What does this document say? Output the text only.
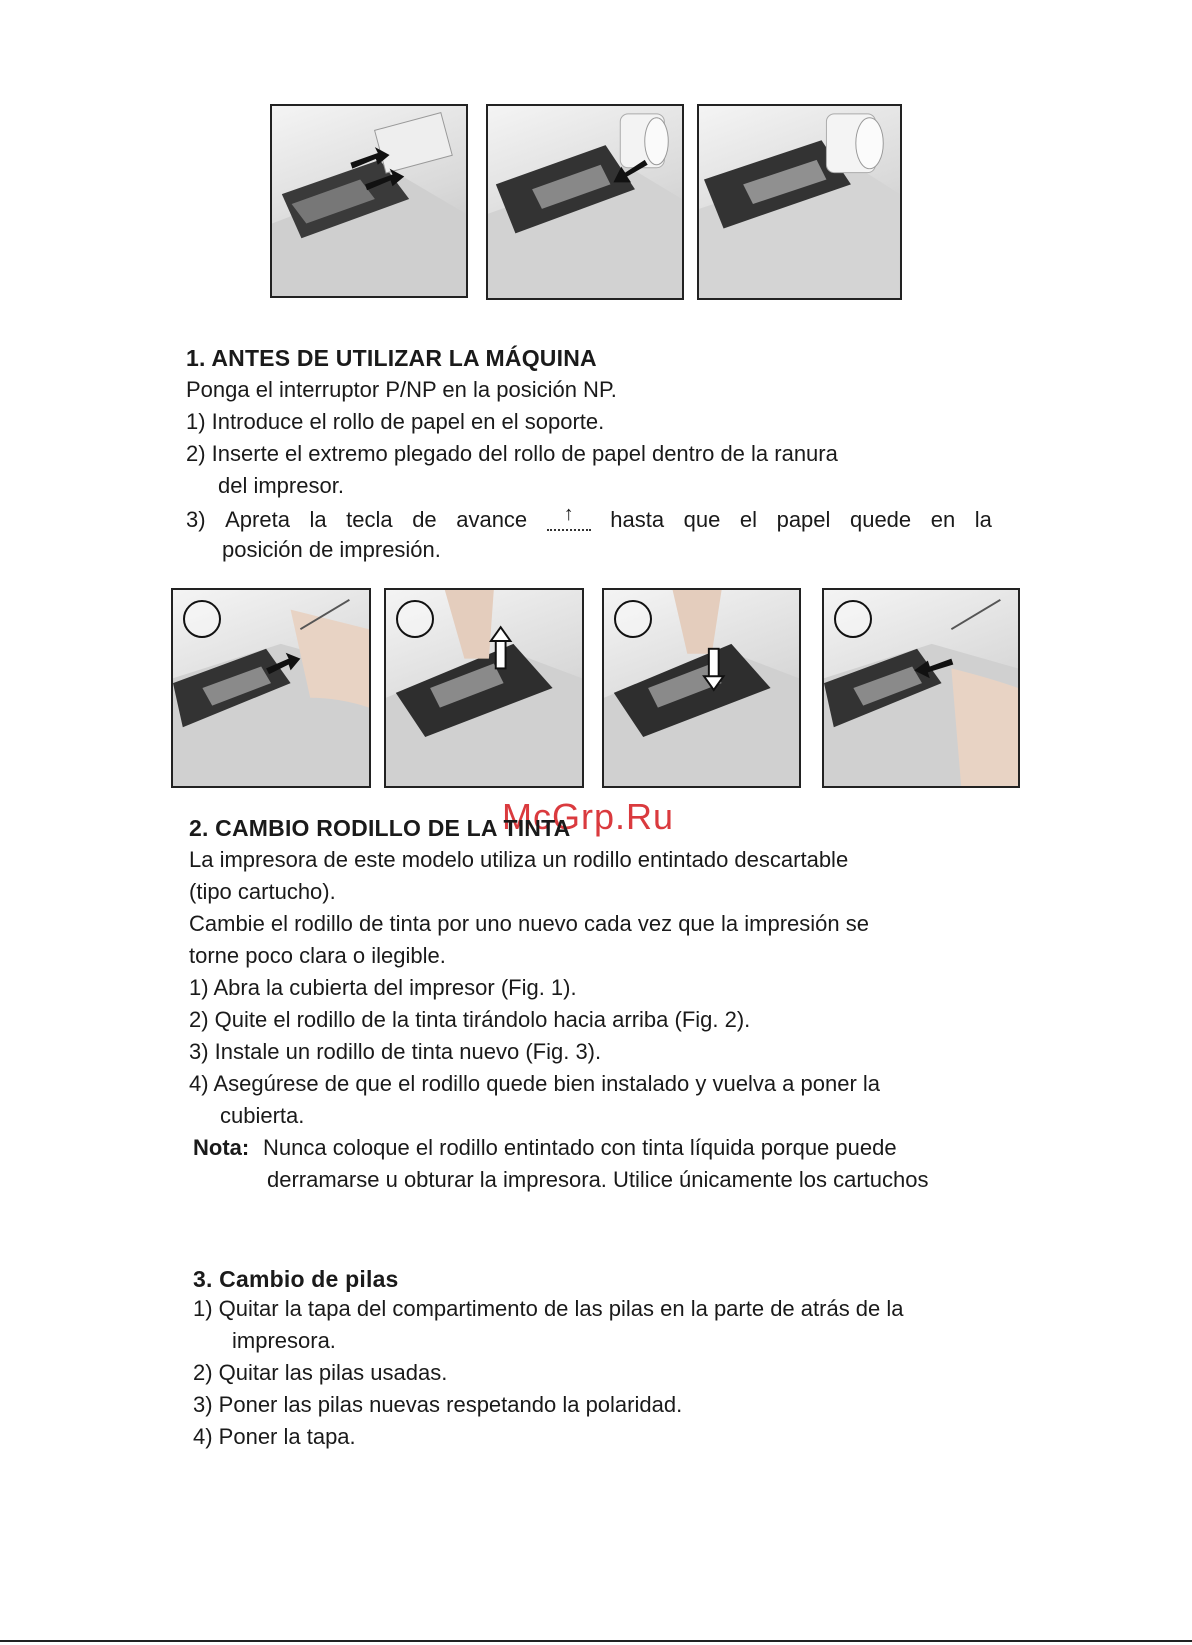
1. ANTES DE UTILIZAR LA MÁQUINA
Ponga el interruptor P/NP en la posición NP.
1) Introduce el rollo de papel en el soporte.
2) Inserte el extremo plegado del rollo de papel dentro de la ranura
del impresor.
3) Apreta la tecla de avance	↑	hasta que el papel quede en la
posición de impresión.
McGrp.Ru
2. CAMBIO RODILLO DE LA TINTA
La impresora de este modelo utiliza un rodillo entintado descartable
(tipo cartucho).
Cambie el rodillo de tinta por uno nuevo cada vez que la impresión se
torne poco clara o ilegible.
1) Abra la cubierta del impresor (Fig. 1).
2) Quite el rodillo de la tinta tirándolo hacia arriba (Fig. 2).
3) Instale un rodillo de tinta nuevo (Fig. 3).
4) Asegúrese de que el rodillo quede bien instalado y vuelva a poner la
cubierta.
Nota: Nunca coloque el rodillo entintado con tinta líquida porque puede
derramarse u obturar la impresora. Utilice únicamente los cartuchos
3. Cambio de pilas
1) Quitar la tapa del compartimento de las pilas en la parte de atrás de la
impresora.
2) Quitar las pilas usadas.
3) Poner las pilas nuevas respetando la polaridad.
4) Poner la tapa.
